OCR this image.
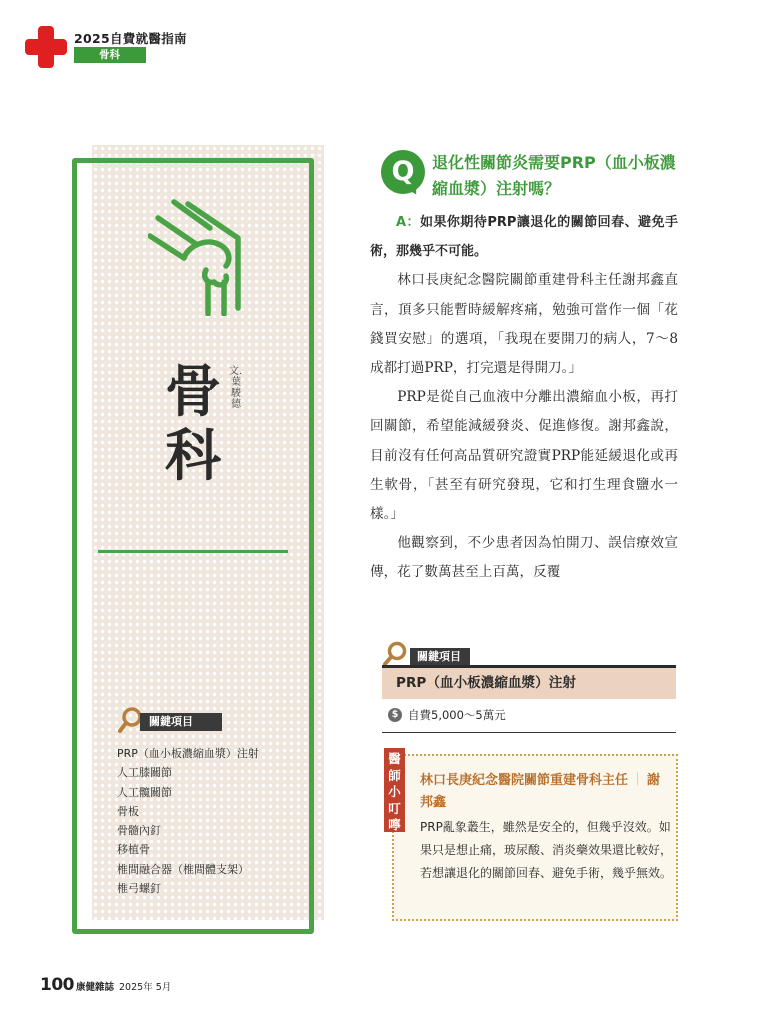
2025自費就醫指南
骨科
骨科
文．葉駿德
關鍵項目
PRP（血小板濃縮血漿）注射
人工膝關節
人工髖關節
骨板
骨髓內釘
移植骨
椎間融合器（椎間體支架）
椎弓螺釘
Q	退化性關節炎需要PRP（血小板濃縮血漿）注射嗎？

A：如果你期待PRP讓退化的關節回春、避免手術，那幾乎不可能。

林口長庚紀念醫院關節重建骨科主任謝邦鑫直言，頂多只能暫時緩解疼痛，勉強可當作一個「花錢買安慰」的選項，「我現在要開刀的病人，7～8成都打過PRP，打完還是得開刀。」

PRP是從自己血液中分離出濃縮血小板，再打回關節，希望能減緩發炎、促進修復。謝邦鑫說，目前沒有任何高品質研究證實PRP能延緩退化或再生軟骨，「甚至有研究發現，它和打生理食鹽水一樣。」

他觀察到，不少患者因為怕開刀、誤信療效宣傳，花了數萬甚至上百萬，反覆

關鍵項目
PRP（血小板濃縮血漿）注射
$ 自費5,000～5萬元
醫師小叮嚀
林口長庚紀念醫院關節重建骨科主任 ｜ 謝邦鑫
PRP亂象叢生，雖然是安全的，但幾乎沒效。如果只是想止痛，玻尿酸、消炎藥效果還比較好，若想讓退化的關節回春、避免手術，幾乎無效。
100 康健雜誌 2025年 5月
